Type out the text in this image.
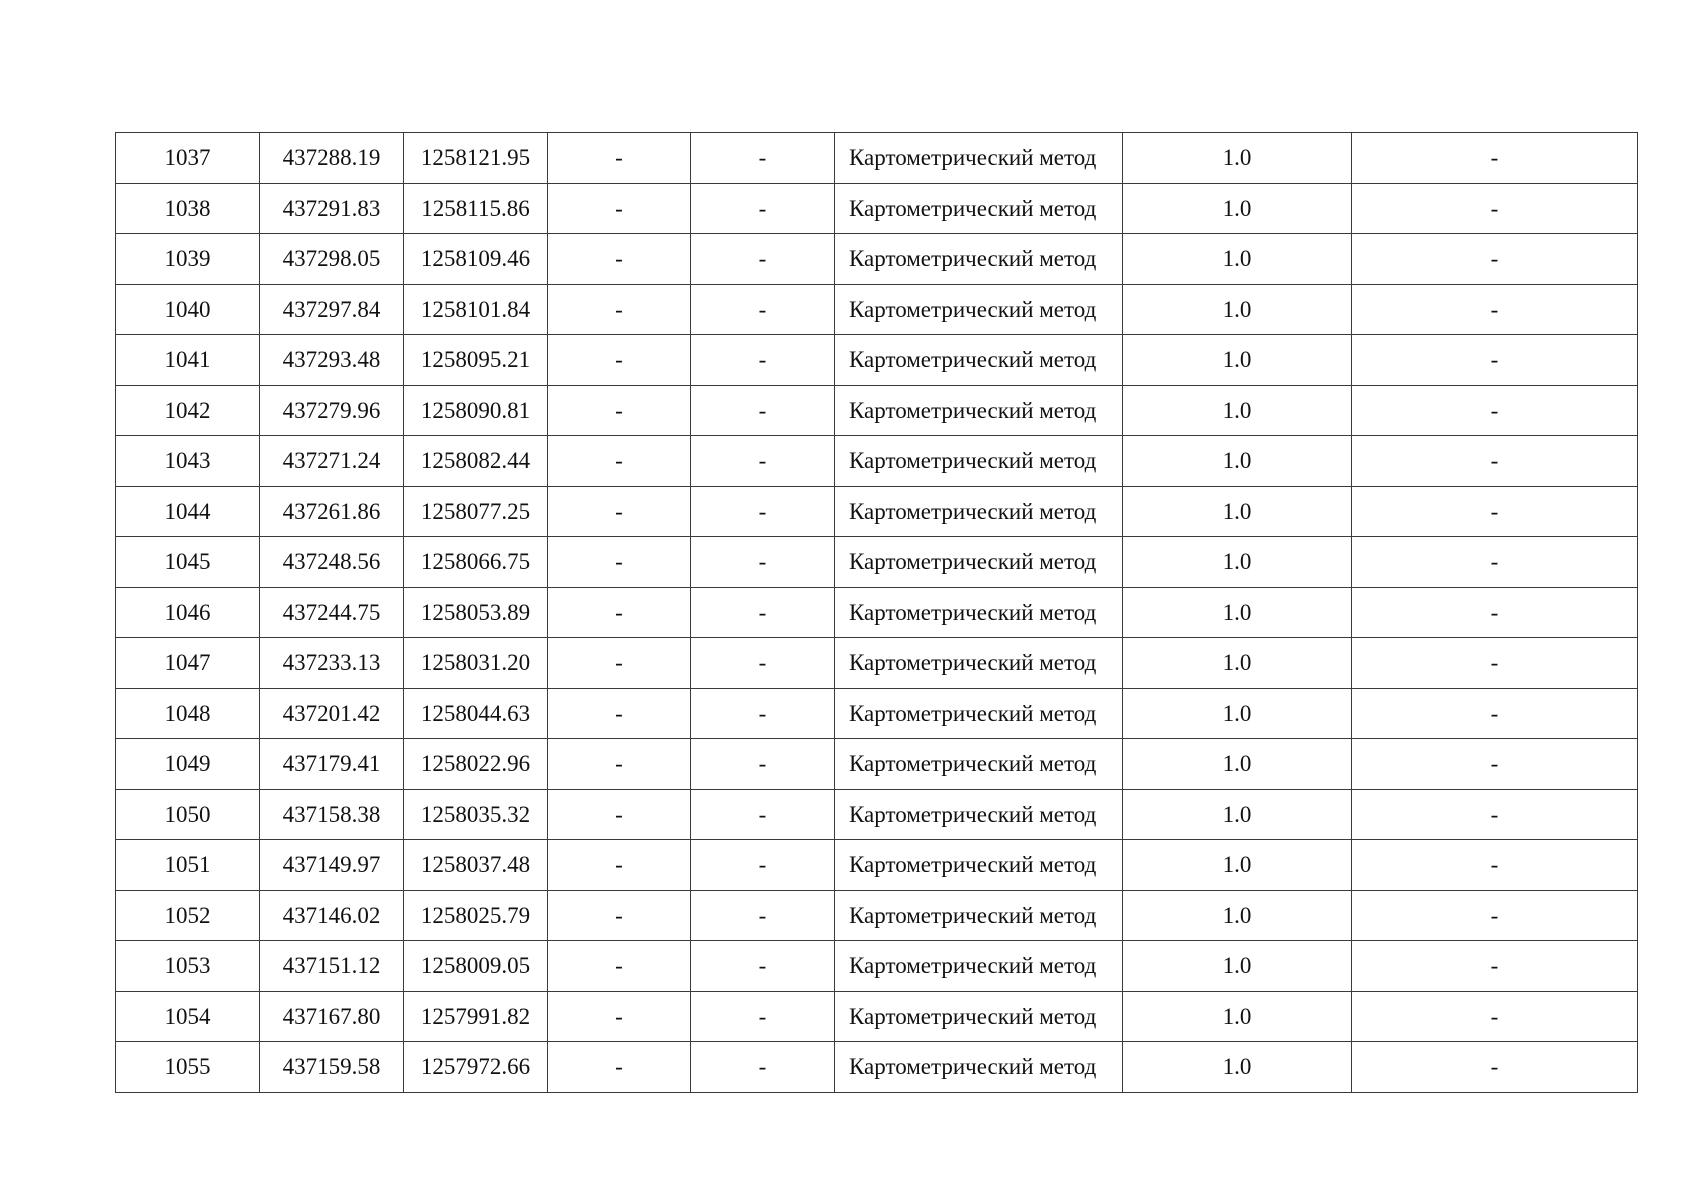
1037	437288.19	1258121.95	-	-	Картометрический метод	1.0	-
1038	437291.83	1258115.86	-	-	Картометрический метод	1.0	-
1039	437298.05	1258109.46	-	-	Картометрический метод	1.0	-
1040	437297.84	1258101.84	-	-	Картометрический метод	1.0	-
1041	437293.48	1258095.21	-	-	Картометрический метод	1.0	-
1042	437279.96	1258090.81	-	-	Картометрический метод	1.0	-
1043	437271.24	1258082.44	-	-	Картометрический метод	1.0	-
1044	437261.86	1258077.25	-	-	Картометрический метод	1.0	-
1045	437248.56	1258066.75	-	-	Картометрический метод	1.0	-
1046	437244.75	1258053.89	-	-	Картометрический метод	1.0	-
1047	437233.13	1258031.20	-	-	Картометрический метод	1.0	-
1048	437201.42	1258044.63	-	-	Картометрический метод	1.0	-
1049	437179.41	1258022.96	-	-	Картометрический метод	1.0	-
1050	437158.38	1258035.32	-	-	Картометрический метод	1.0	-
1051	437149.97	1258037.48	-	-	Картометрический метод	1.0	-
1052	437146.02	1258025.79	-	-	Картометрический метод	1.0	-
1053	437151.12	1258009.05	-	-	Картометрический метод	1.0	-
1054	437167.80	1257991.82	-	-	Картометрический метод	1.0	-
1055	437159.58	1257972.66	-	-	Картометрический метод	1.0	-
